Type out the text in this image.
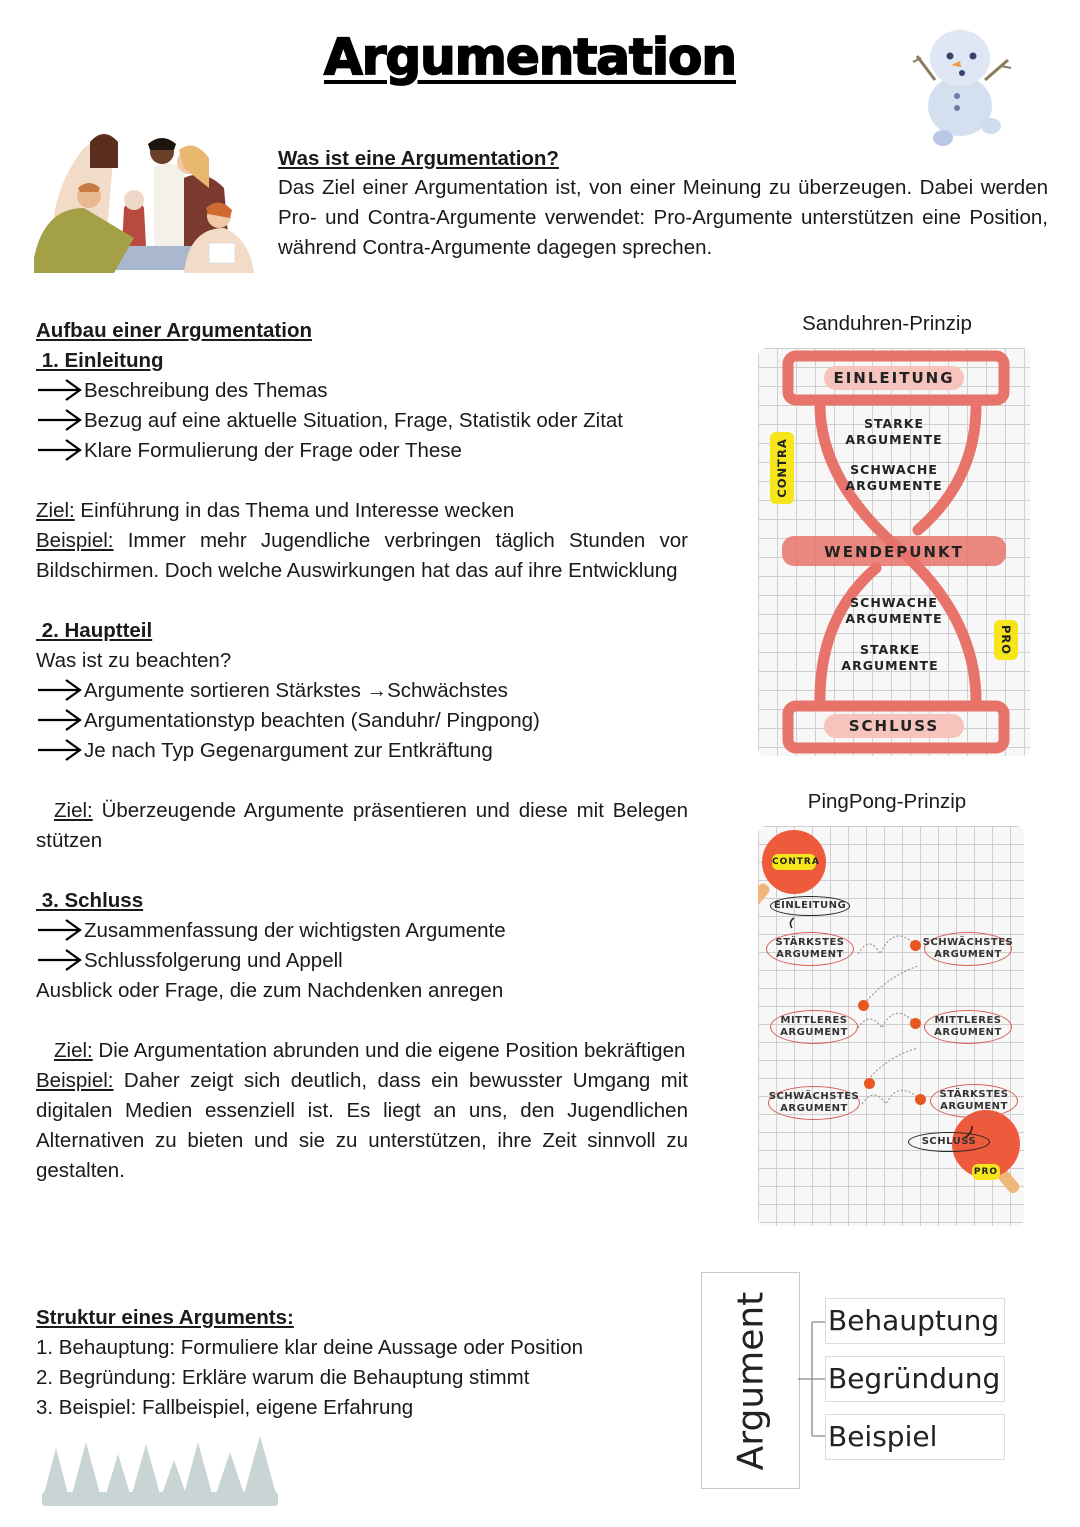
Argumentation
Was ist eine Argumentation?

Das Ziel einer Argumentation ist, von einer Meinung zu überzeugen. Dabei werden Pro- und Contra-Argumente verwendet: Pro-Argumente unterstützen eine Position, während Contra-Argumente dagegen sprechen.

Aufbau einer Argumentation
1. Einleitung
Beschreibung des Themas
Bezug auf eine aktuelle Situation, Frage, Statistik oder Zitat
Klare Formulierung der Frage oder These
Ziel: Einführung in das Thema und Interesse wecken
Beispiel: Immer mehr Jugendliche verbringen täglich Stunden vor Bildschirmen. Doch welche Auswirkungen hat das auf ihre Entwicklung
2. Hauptteil
Was ist zu beachten?
Argumente sortieren Stärkstes →Schwächstes
Argumentationstyp beachten (Sanduhr/ Pingpong)
Je nach Typ Gegenargument zur Entkräftung
Ziel: Überzeugende Argumente präsentieren und diese mit Belegen stützen
3. Schluss
Zusammenfassung der wichtigsten Argumente
Schlussfolgerung und Appell
Ausblick oder Frage, die zum Nachdenken anregen
Ziel: Die Argumentation abrunden und die eigene Position bekräftigen
Beispiel: Daher zeigt sich deutlich, dass ein bewusster Umgang mit digitalen Medien essenziell ist. Es liegt an uns, den Jugendlichen Alternativen zu bieten und sie zu unterstützen, ihre Zeit sinnvoll zu gestalten.
Sanduhren-Prinzip
EINLEITUNG
STARKE ARGUMENTE
SCHWACHE ARGUMENTE
WENDEPUNKT
SCHWACHE ARGUMENTE
STARKE ARGUMENTE
SCHLUSS
CONTRA
PRO
PingPong-Prinzip
CONTRA
PRO
EINLEITUNG
STÄRKSTES ARGUMENT
SCHWÄCHSTES ARGUMENT
MITTLERES ARGUMENT
MITTLERES ARGUMENT
SCHWÄCHSTES ARGUMENT
STÄRKSTES ARGUMENT
SCHLUSS
Struktur eines Arguments:
1. Behauptung: Formuliere klar deine Aussage oder Position
2. Begründung: Erkläre warum die Behauptung stimmt
3. Beispiel: Fallbeispiel, eigene Erfahrung	Argument Behauptung
Begründung
Beispiel
